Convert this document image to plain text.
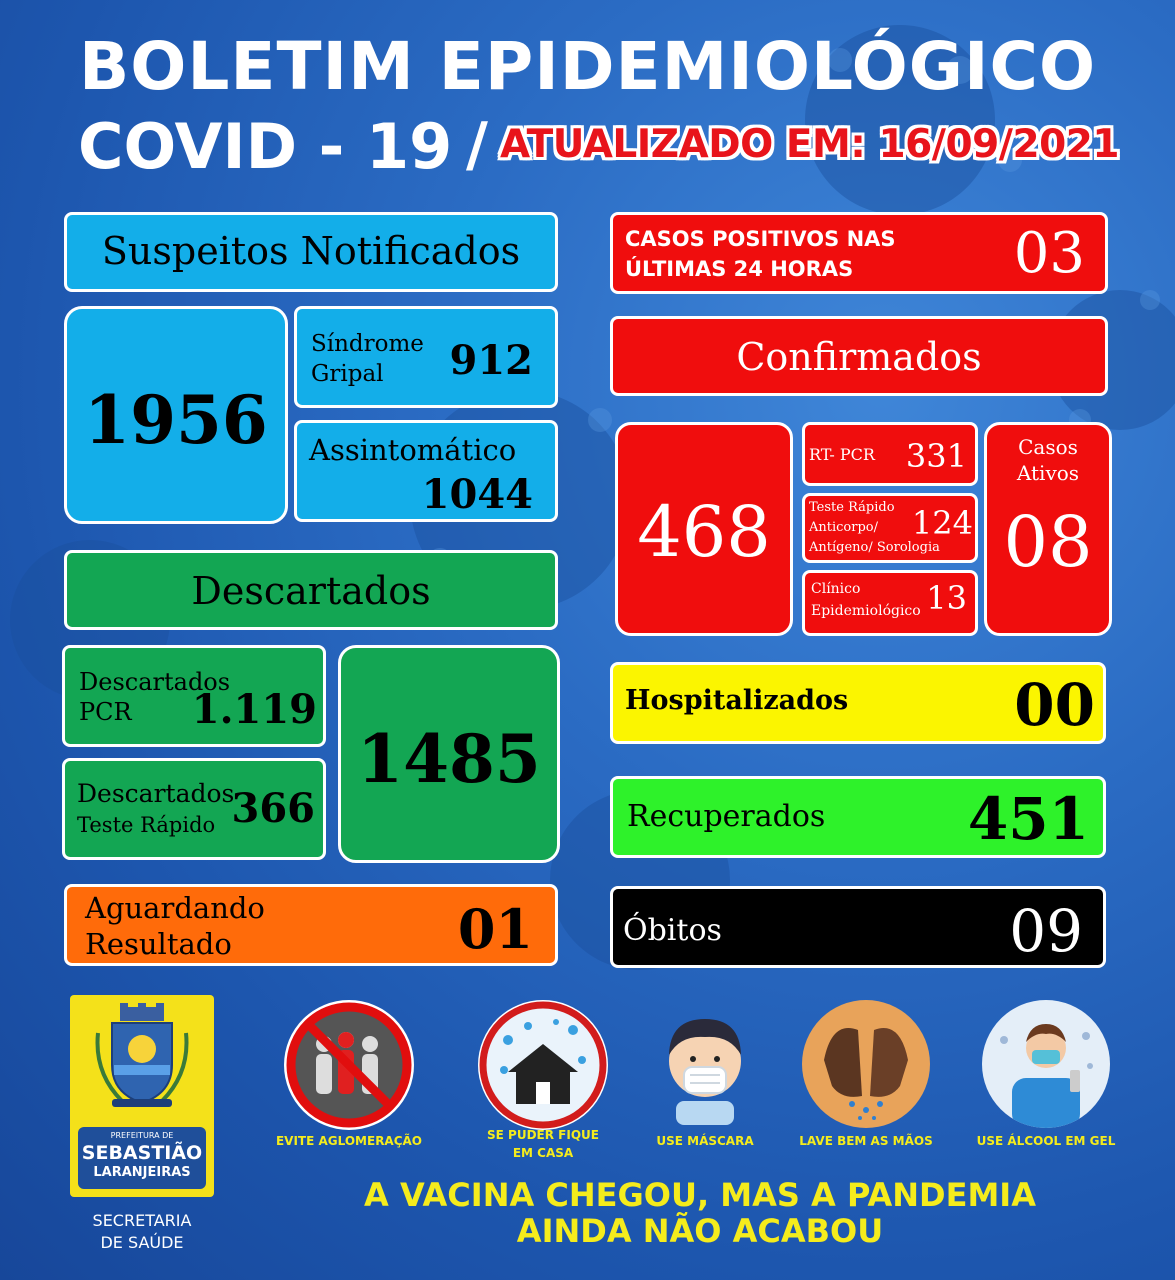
BOLETIM EPIDEMIOLÓGICO
COVID - 19 / ATUALIZADO EM: 16/09/2021
Suspeitos Notificados
1956
Síndrome
Gripal 912
Assintomático
1044
Descartados
Descartados
PCR 1.119
Descartados
Teste Rápido 366
1485
Aguardando
Resultado	01
CASOS POSITIVOS NAS
ÚLTIMAS 24 HORAS	03
Confirmados
468
RT- PCR 331
Teste Rápido
Anticorpo/
Antígeno/ Sorologia
124
Clínico
Epidemiológico 13
Casos
Ativos
08
Hospitalizados	00
Recuperados 451
Óbitos	09
PREFEITURA DE
SEBASTIÃO
LARANJEIRAS
SECRETARIA
DE SAÚDE
EVITE AGLOMERAÇÃO	SE PUDER FIQUE
EM CASA
USE MÁSCARA	LAVE BEM AS MÃOS	USE ÁLCOOL EM GEL
A VACINA CHEGOU, MAS A PANDEMIA
AINDA NÃO ACABOU
